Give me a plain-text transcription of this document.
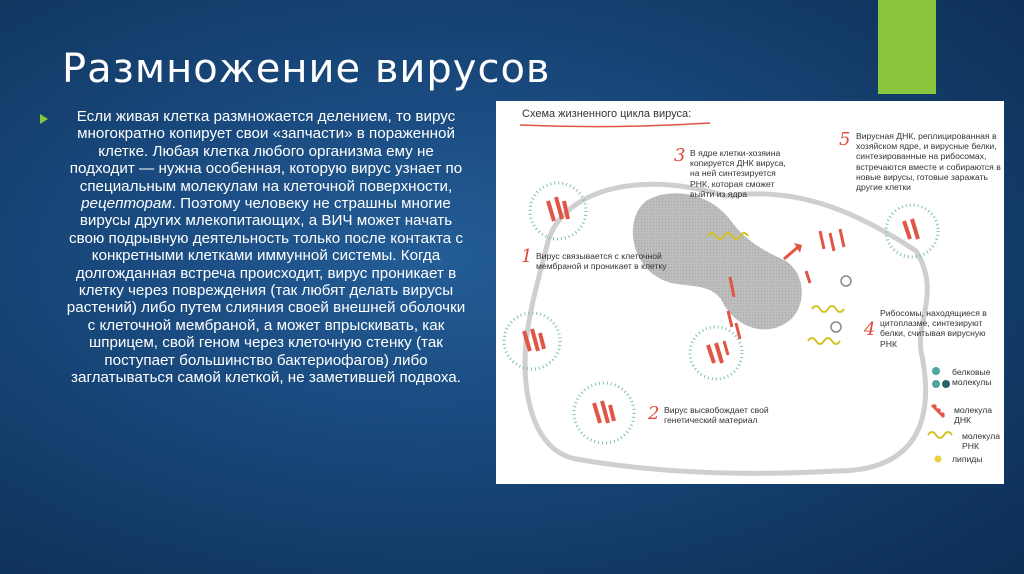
Размножение вирусов
Если живая клетка размножается делением, то вирус многократно копирует свои «запчасти» в пораженной клетке. Любая клетка любого организма ему не подходит — нужна особенная, которую вирус узнает по специальным молекулам на клеточной поверхности, рецепторам. Поэтому человеку не страшны многие вирусы других млекопитающих, а ВИЧ может начать свою подрывную деятельность только после контакта с конкретными клетками иммунной системы. Когда долгожданная встреча происходит, вирус проникает в клетку через повреждения (так любят делать вирусы растений) либо путем слияния своей внешней оболочки с клеточной мембраной, а может впрыскивать, как шприцем, свой геном через клеточную стенку (так поступает большинство бактериофагов) либо заглатываться самой клеткой, не заметившей подвоха.
Схема жизненного цикла вируса:
1 Вирус связывается с клеточной мембраной и проникает в клетку
2 Вирус высвобождает свой генетический материал
3 В ядре клетки-хозяина копируется ДНК вируса, на ней синтезируется РНК, которая сможет выйти из ядра
4
Рибосомы, находящиеся в цитоплазме, синтезируют белки, считывая вирусную РНК
5 Вирусная ДНК, реплицированная в хозяйском ядре, и вирусные белки, синтезированные на рибосомах, встречаются вместе и собираются в новые вирусы, готовые заражать другие клетки
белковые молекулы
молекула ДНК
молекула РНК
липиды
